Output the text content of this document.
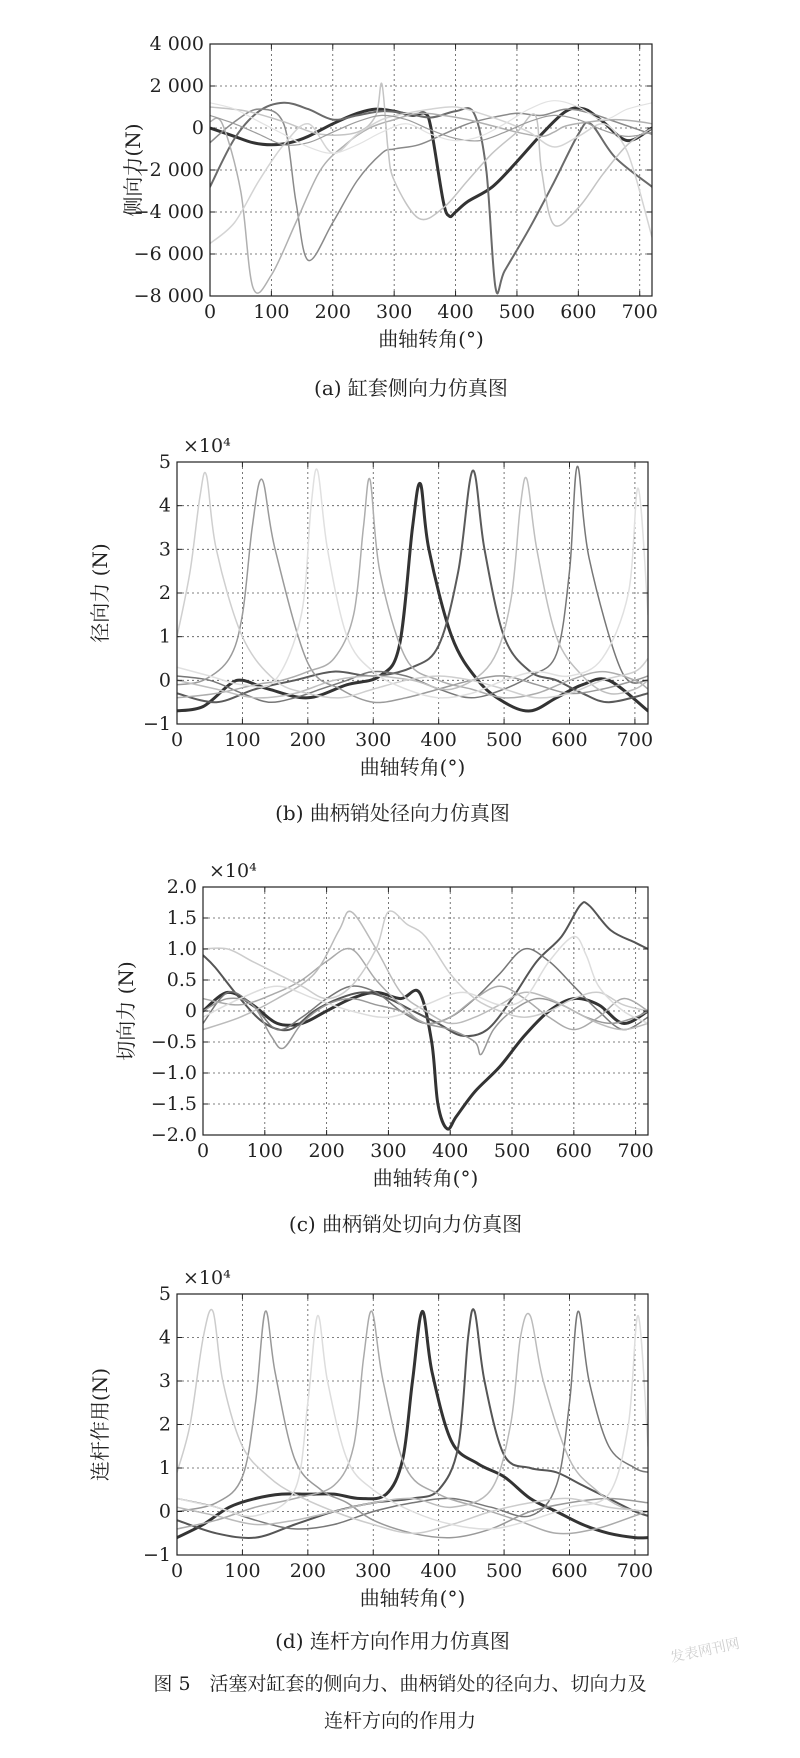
图 5　活塞对缸套的侧向力、曲柄销处的径向力、切向力及
连杆方向的作用力
0 100 200 300 400 500 600 700
4 000
2 000
0
−2 000
−4 000
−6 000
−8 000
曲轴转角(°)
侧向力(N)
(a) 缸套侧向力仿真图
0 100 200 300 400 500 600 700
5
4
3
2
1
0
−1
×10⁴
曲轴转角(°)
径向力 (N)
(b) 曲柄销处径向力仿真图
0 100 200 300 400 500 600 700
2.0
1.5
1.0
0.5
0
−0.5
−1.0
−1.5
−2.0
×10⁴
曲轴转角(°)
切向力 (N)
(c) 曲柄销处切向力仿真图
0 100 200 300 400 500 600 700
5
4
3
2
1
0
−1
×10⁴
曲轴转角(°)
连杆作用(N)
(d) 连杆方向作用力仿真图	发表网刊网
